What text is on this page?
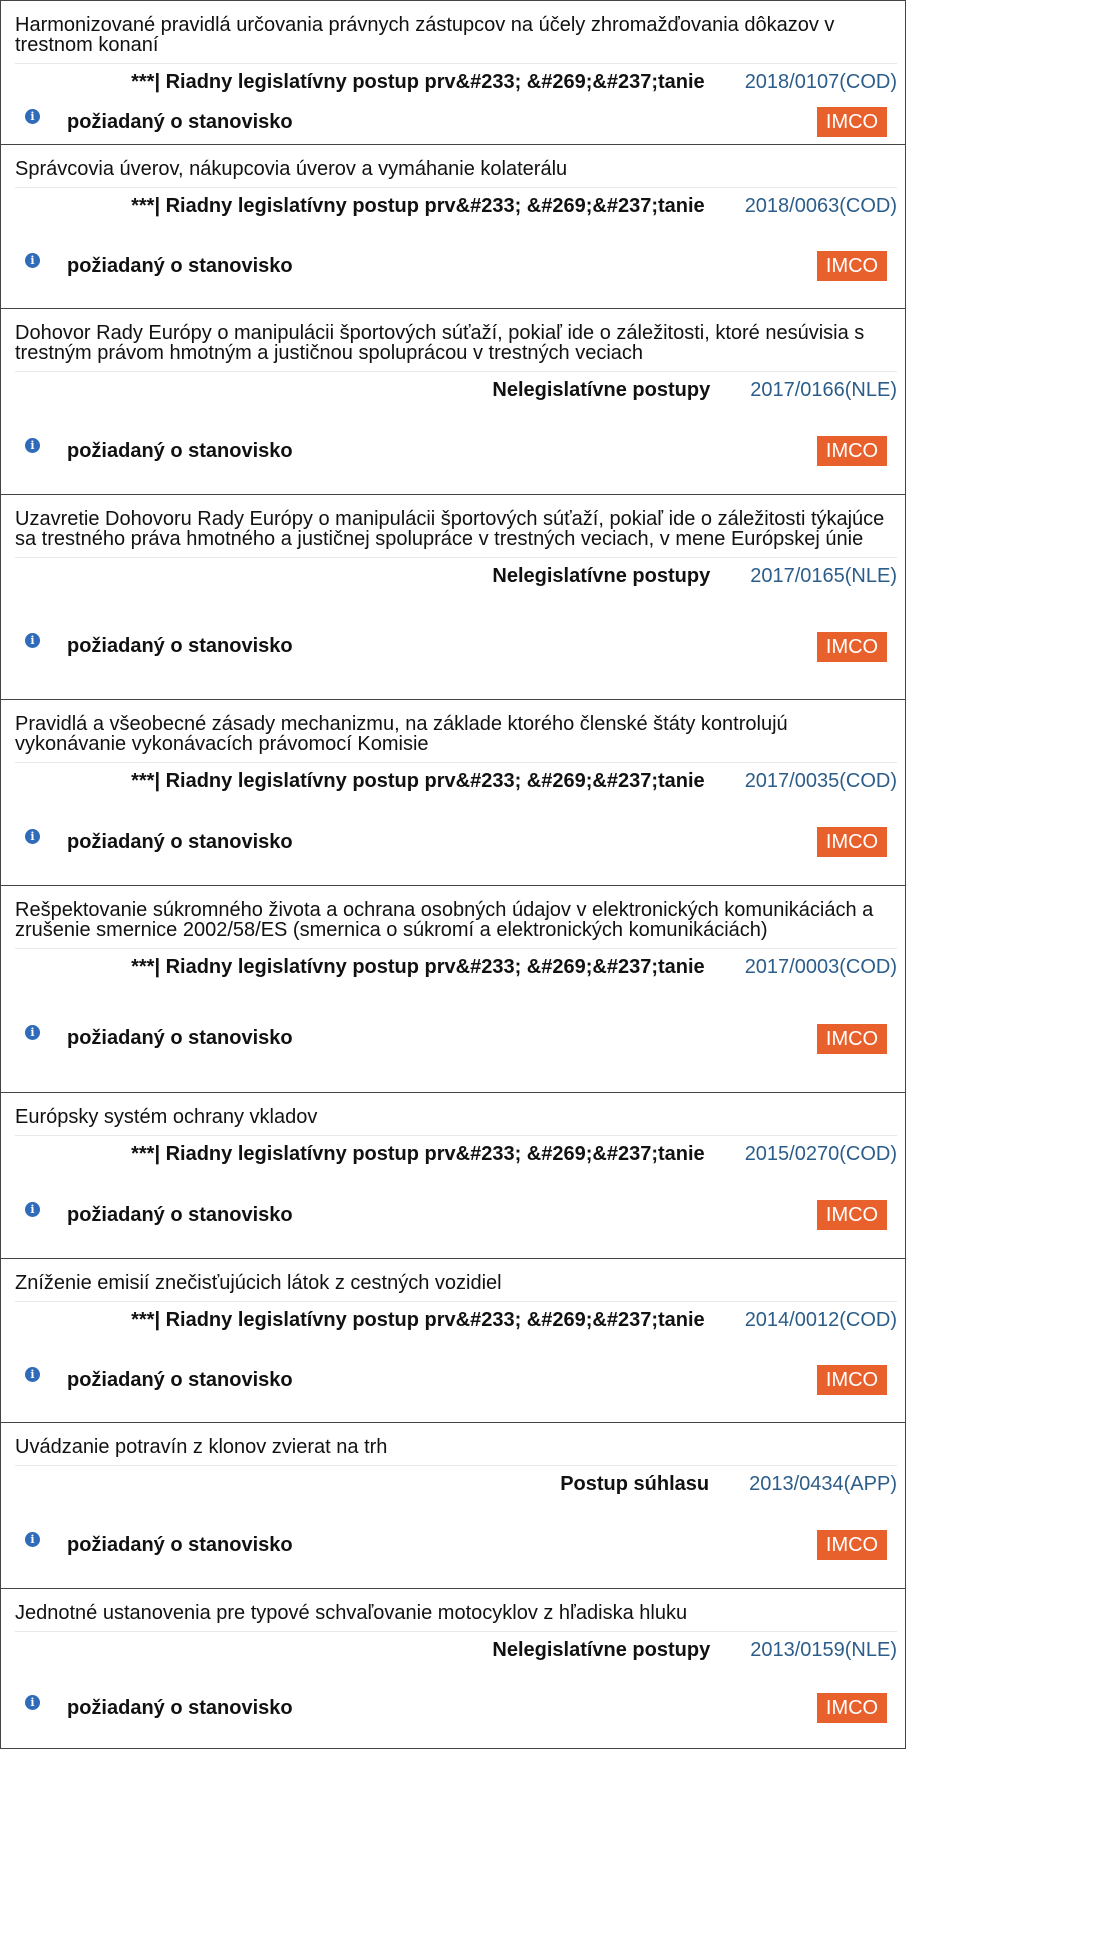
Harmonizované pravidlá určovania právnych zástupcov na účely zhromažďovania dôkazov v trestnom konaní
***| Riadny legislatívny postup prv&#233; &#269;&#237;tanie 2018/0107(COD)
i požiadaný o stanovisko	IMCO
Správcovia úverov, nákupcovia úverov a vymáhanie kolaterálu
***| Riadny legislatívny postup prv&#233; &#269;&#237;tanie 2018/0063(COD)
i požiadaný o stanovisko	IMCO
Dohovor Rady Európy o manipulácii športových súťaží, pokiaľ ide o záležitosti, ktoré nesúvisia s trestným právom hmotným a justičnou spoluprácou v trestných veciach
Nelegislatívne postupy 2017/0166(NLE)
i požiadaný o stanovisko	IMCO
Uzavretie Dohovoru Rady Európy o manipulácii športových súťaží, pokiaľ ide o záležitosti týkajúce sa trestného práva hmotného a justičnej spolupráce v trestných veciach, v mene Európskej únie
Nelegislatívne postupy 2017/0165(NLE)
i požiadaný o stanovisko	IMCO
Pravidlá a všeobecné zásady mechanizmu, na základe ktorého členské štáty kontrolujú vykonávanie vykonávacích právomocí Komisie
***| Riadny legislatívny postup prv&#233; &#269;&#237;tanie 2017/0035(COD)
i požiadaný o stanovisko	IMCO
Rešpektovanie súkromného života a ochrana osobných údajov v elektronických komunikáciách a zrušenie smernice 2002/58/ES (smernica o súkromí a elektronických komunikáciách)
***| Riadny legislatívny postup prv&#233; &#269;&#237;tanie 2017/0003(COD)
i požiadaný o stanovisko	IMCO
Európsky systém ochrany vkladov
***| Riadny legislatívny postup prv&#233; &#269;&#237;tanie 2015/0270(COD)
i požiadaný o stanovisko	IMCO
Zníženie emisií znečisťujúcich látok z cestných vozidiel
***| Riadny legislatívny postup prv&#233; &#269;&#237;tanie 2014/0012(COD)
i požiadaný o stanovisko	IMCO
Uvádzanie potravín z klonov zvierat na trh
Postup súhlasu 2013/0434(APP)
i požiadaný o stanovisko	IMCO
Jednotné ustanovenia pre typové schvaľovanie motocyklov z hľadiska hluku
Nelegislatívne postupy 2013/0159(NLE)
i požiadaný o stanovisko	IMCO
